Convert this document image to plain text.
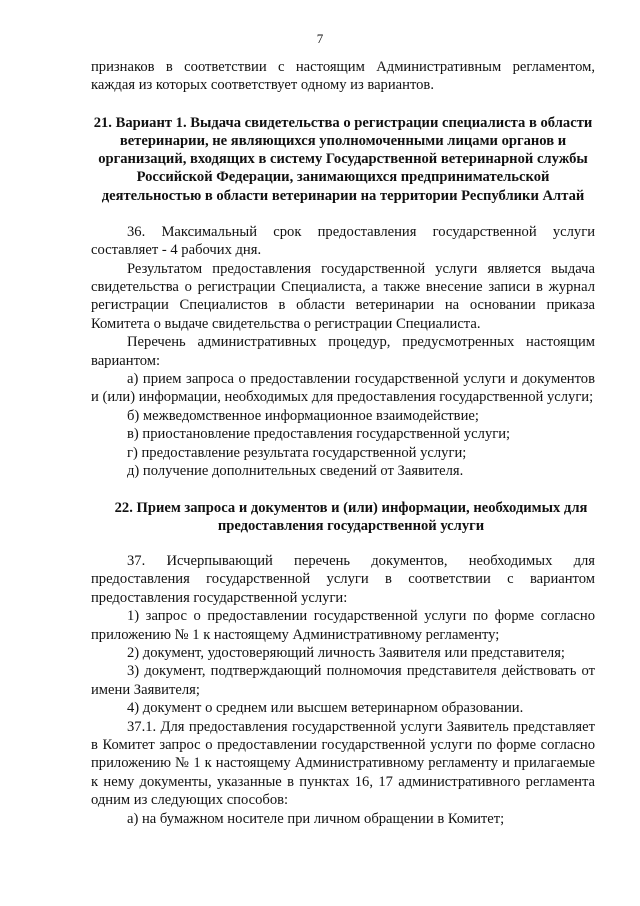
7

признаков в соответствии с настоящим Административным регламентом, каждая из которых соответствует одному из вариантов.

21. Вариант 1. Выдача свидетельства о регистрации специалиста в области ветеринарии, не являющихся уполномоченными лицами органов и организаций, входящих в систему Государственной ветеринарной службы Российской Федерации, занимающихся предпринимательской деятельностью в области ветеринарии на территории Республики Алтай

36. Максимальный срок предоставления государственной услуги составляет - 4 рабочих дня.

Результатом предоставления государственной услуги является выдача свидетельства о регистрации Специалиста, а также внесение записи в журнал регистрации Специалистов в области ветеринарии на основании приказа Комитета о выдаче свидетельства о регистрации Специалиста.

Перечень административных процедур, предусмотренных настоящим вариантом:

а) прием запроса о предоставлении государственной услуги и документов и (или) информации, необходимых для предоставления государственной услуги;

б) межведомственное информационное взаимодействие;

в) приостановление предоставления государственной услуги;

г) предоставление результата государственной услуги;

д) получение дополнительных сведений от Заявителя.

22. Прием запроса и документов и (или) информации, необходимых для предоставления государственной услуги

37. Исчерпывающий перечень документов, необходимых для предоставления государственной услуги в соответствии с вариантом предоставления государственной услуги:

1) запрос о предоставлении государственной услуги по форме согласно приложению № 1 к настоящему Административному регламенту;

2) документ, удостоверяющий личность Заявителя или представителя;

3) документ, подтверждающий полномочия представителя действовать от имени Заявителя;

4) документ о среднем или высшем ветеринарном образовании.

37.1. Для предоставления государственной услуги Заявитель представляет в Комитет запрос о предоставлении государственной услуги по форме согласно приложению № 1 к настоящему Административному регламенту и прилагаемые к нему документы, указанные в пунктах 16, 17 административного регламента одним из следующих способов:

а) на бумажном носителе при личном обращении в Комитет;
